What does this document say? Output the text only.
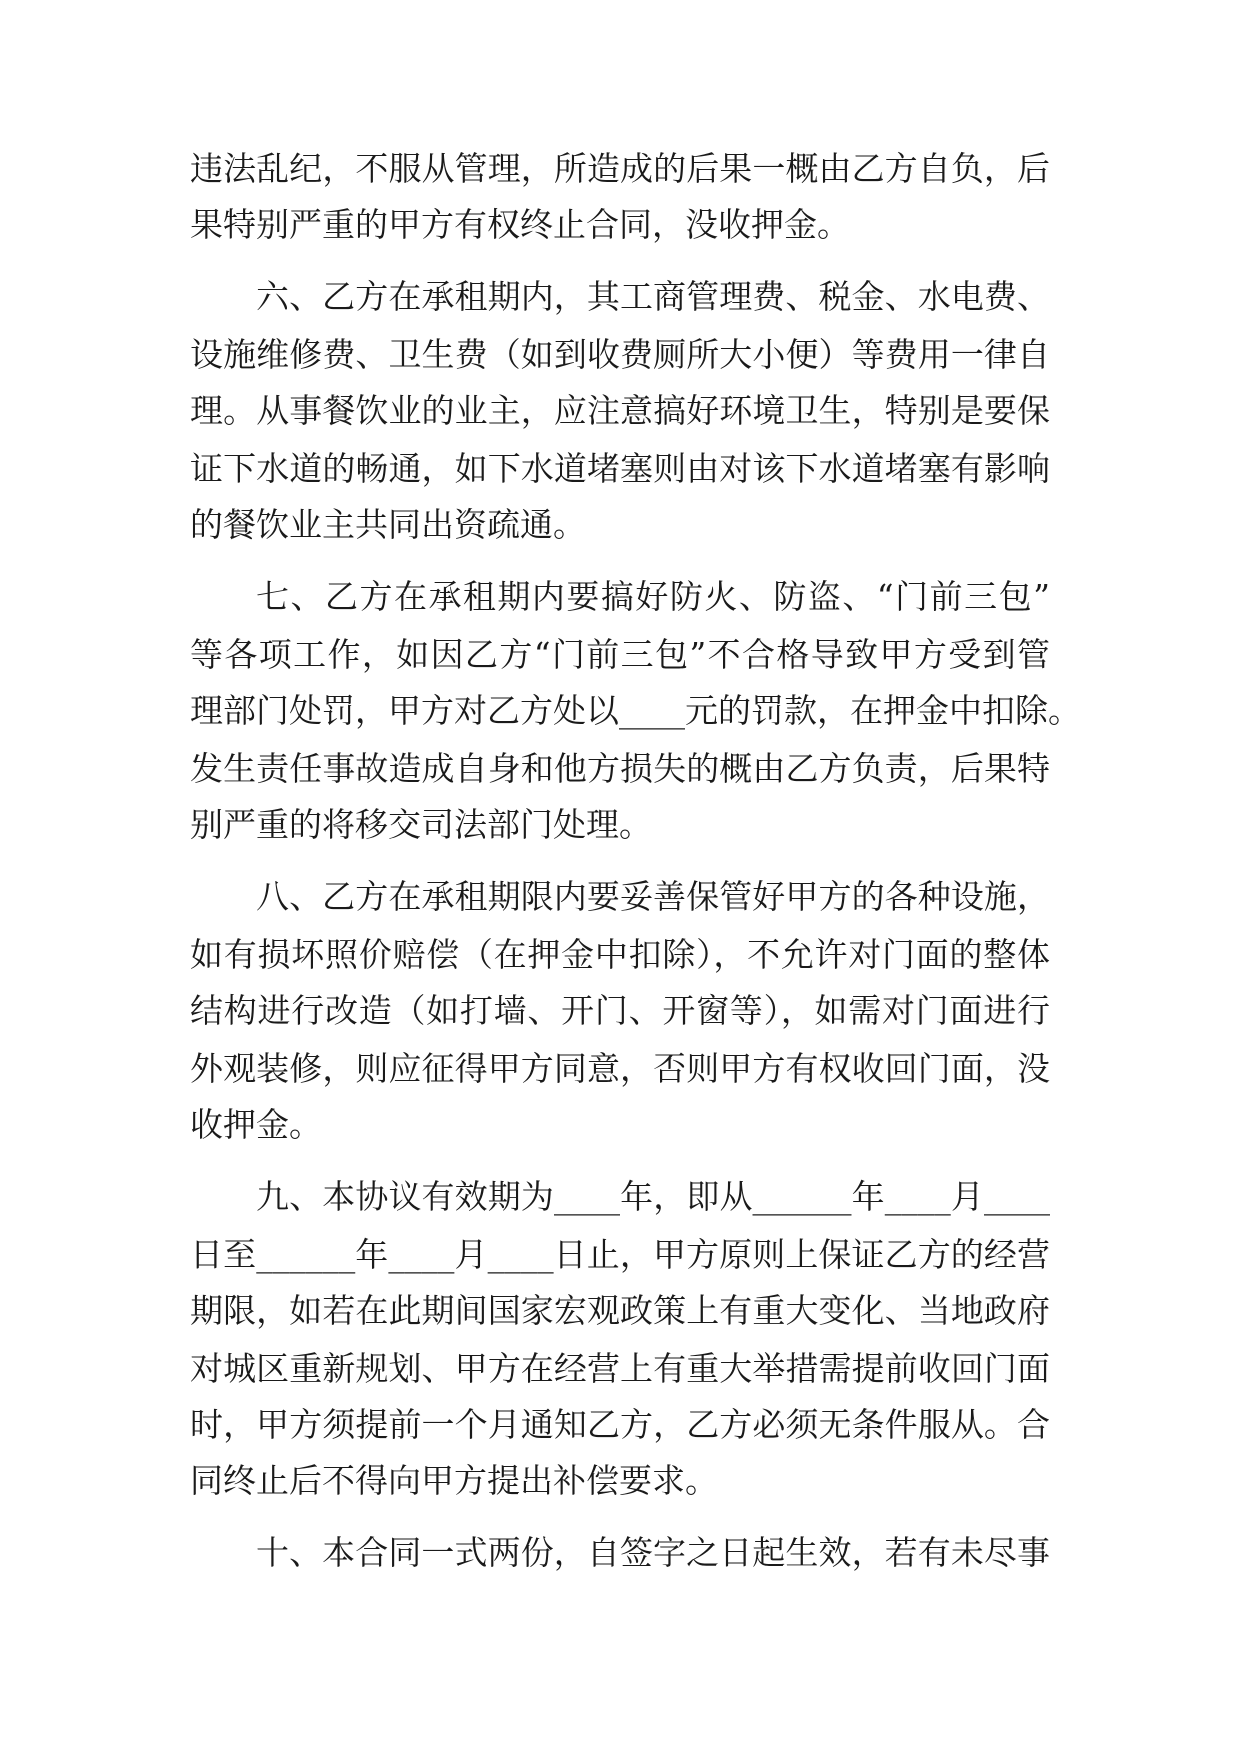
违法乱纪，不服从管理，所造成的后果一概由乙方自负，后
果特别严重的甲方有权终止合同，没收押金。
六、乙方在承租期内，其工商管理费、税金、水电费、
设施维修费、卫生费（如到收费厕所大小便）等费用一律自
理。从事餐饮业的业主，应注意搞好环境卫生，特别是要保
证下水道的畅通，如下水道堵塞则由对该下水道堵塞有影响
的餐饮业主共同出资疏通。
七、乙方在承租期内要搞好防火、防盗、“门前三包”
等各项工作，如因乙方“门前三包”不合格导致甲方受到管
理部门处罚，甲方对乙方处以____元的罚款，在押金中扣除。
发生责任事故造成自身和他方损失的概由乙方负责，后果特
别严重的将移交司法部门处理。
八、乙方在承租期限内要妥善保管好甲方的各种设施，
如有损坏照价赔偿（在押金中扣除），不允许对门面的整体
结构进行改造（如打墙、开门、开窗等），如需对门面进行
外观装修，则应征得甲方同意，否则甲方有权收回门面，没
收押金。
九、本协议有效期为____年，即从______年____月____
日至______年____月____日止，甲方原则上保证乙方的经营
期限，如若在此期间国家宏观政策上有重大变化、当地政府
对城区重新规划、甲方在经营上有重大举措需提前收回门面
时，甲方须提前一个月通知乙方，乙方必须无条件服从。合
同终止后不得向甲方提出补偿要求。
十、本合同一式两份，自签字之日起生效，若有未尽事
